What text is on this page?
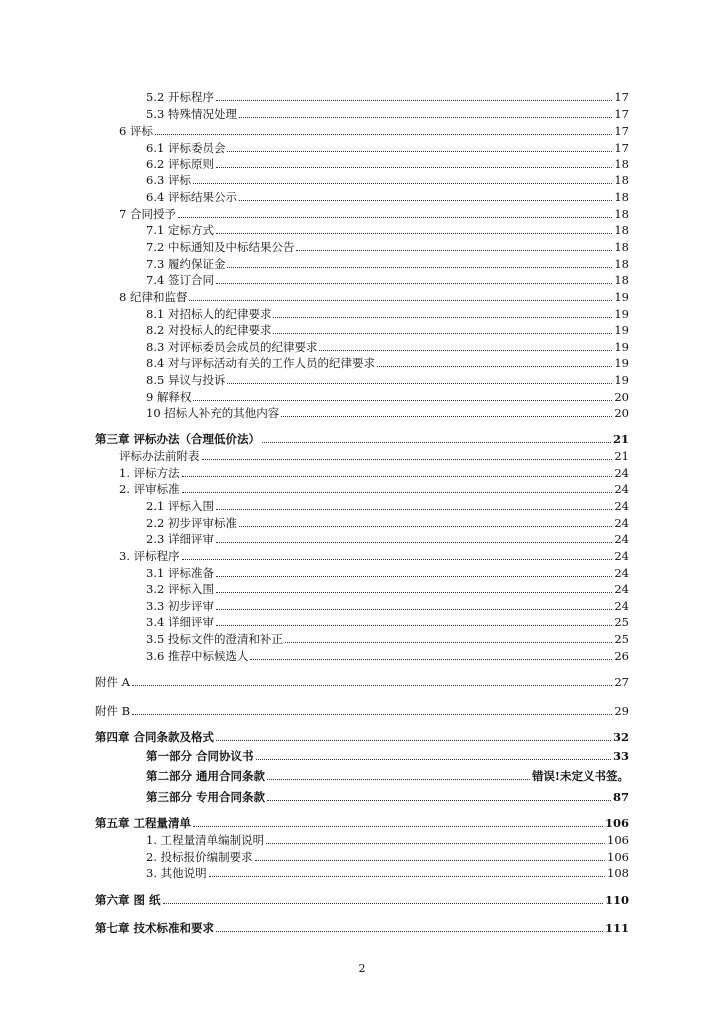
2
5.2 开标程序	17
5.3 特殊情况处理	17
6 评标	17
6.1 评标委员会	17
6.2 评标原则	18
6.3 评标	18
6.4 评标结果公示	18
7 合同授予	18
7.1 定标方式	18
7.2 中标通知及中标结果公告	18
7.3 履约保证金	18
7.4 签订合同	18
8 纪律和监督	19
8.1 对招标人的纪律要求	19
8.2 对投标人的纪律要求	19
8.3 对评标委员会成员的纪律要求	19
8.4 对与评标活动有关的工作人员的纪律要求	19
8.5 异议与投诉	19
9 解释权	20
10 招标人补充的其他内容	20
第三章 评标办法（合理低价法）	21
评标办法前附表	21
1. 评标方法	24
2. 评审标准	24
2.1 评标入围	24
2.2 初步评审标准	24
2.3 详细评审	24
3. 评标程序	24
3.1 评标准备	24
3.2 评标入围	24
3.3 初步评审	24
3.4 详细评审	25
3.5 投标文件的澄清和补正	25
3.6 推荐中标候选人	26
附件 A	27
附件 B	29
第四章 合同条款及格式	32
第一部分 合同协议书	33
第二部分 通用合同条款	错误!未定义书签。
第三部分 专用合同条款	87
第五章 工程量清单	106
1. 工程量清单编制说明	106
2. 投标报价编制要求	106
3. 其他说明	108
第六章 图 纸	110
第七章 技术标准和要求	111
